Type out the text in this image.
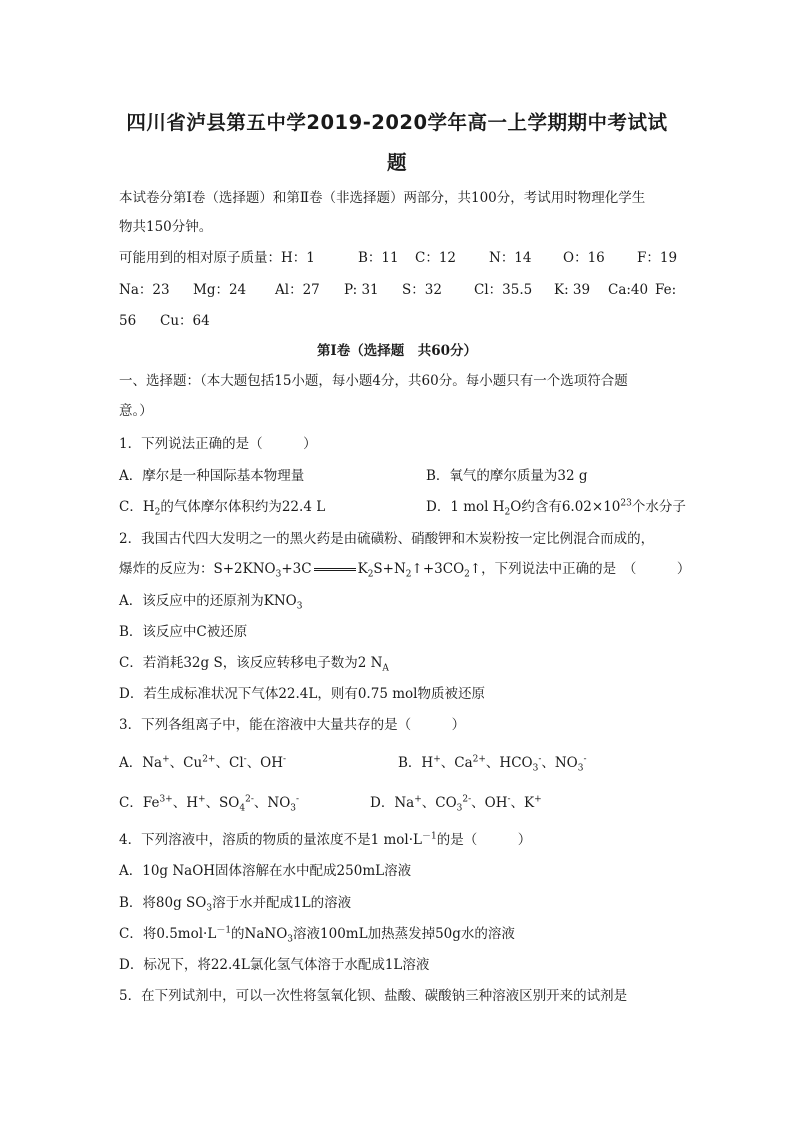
四川省泸县第五中学2019-2020学年高一上学期期中考试试
题

本试卷分第Ⅰ卷（选择题）和第Ⅱ卷（非选择题）两部分，共100分，考试用时物理化学生

物共150分钟。

可能用到的相对原子质量：H：1	B：11 C：12 N：14 O：16 F：19

Na：23 Mg：24 Al：27 P: 31 S：32 Cl：35.5 K: 39 Ca:40 Fe:

56 Cu：64

第Ⅰ卷（选择题　共60分）

一、选择题：（本大题包括15小题，每小题4分，共60分。每小题只有一个选项符合题

意。）

1．下列说法正确的是（　　　）

A．摩尔是一种国际基本物理量	B．氧气的摩尔质量为32 g

C．$H_2$的气体摩尔体积约为22.4 L	D．1 mol $H_2O$约含有$6.02\times 10^{23}$个水分子

2．我国古代四大发明之一的黑火药是由硫磺粉、硝酸钾和木炭粉按一定比例混合而成的，

爆炸的反应为：$S+2KNO_3+3C$	$K_2S+N_2↑+3CO_2↑$，下列说法中正确的是　（　　　）

A．该反应中的还原剂为$KNO_3$

B．该反应中C被还原

C．若消耗32g S，该反应转移电子数为2 $N_A$

D．若生成标准状况下气体22.4L，则有0.75 mol物质被还原

3．下列各组离子中，能在溶液中大量共存的是（　　　）

A．Na+、$Cu^{2+}$、Cl-、OH-	B．H+、$Ca^{2+}$、$HCO_3^-$、$NO_3^-$

C．$Fe^{3+}$、H+、$SO_4^{2-}$、$NO_3^-$	D．Na+、$CO_3^{2-}$、OH-、K+

4．下列溶液中，溶质的物质的量浓度不是1 $mol\cdot L^{-1}$的是（　　　）

A．10g NaOH固体溶解在水中配成250mL溶液

B．将80g $SO_3$溶于水并配成1L的溶液

C．将$0.5mol\cdot L^{-1}$的NaNO$_3$溶液100mL加热蒸发掉50g水的溶液

D．标况下，将22.4L氯化氢气体溶于水配成1L溶液

5．在下列试剂中，可以一次性将氢氧化钡、盐酸、碳酸钠三种溶液区别开来的试剂是
